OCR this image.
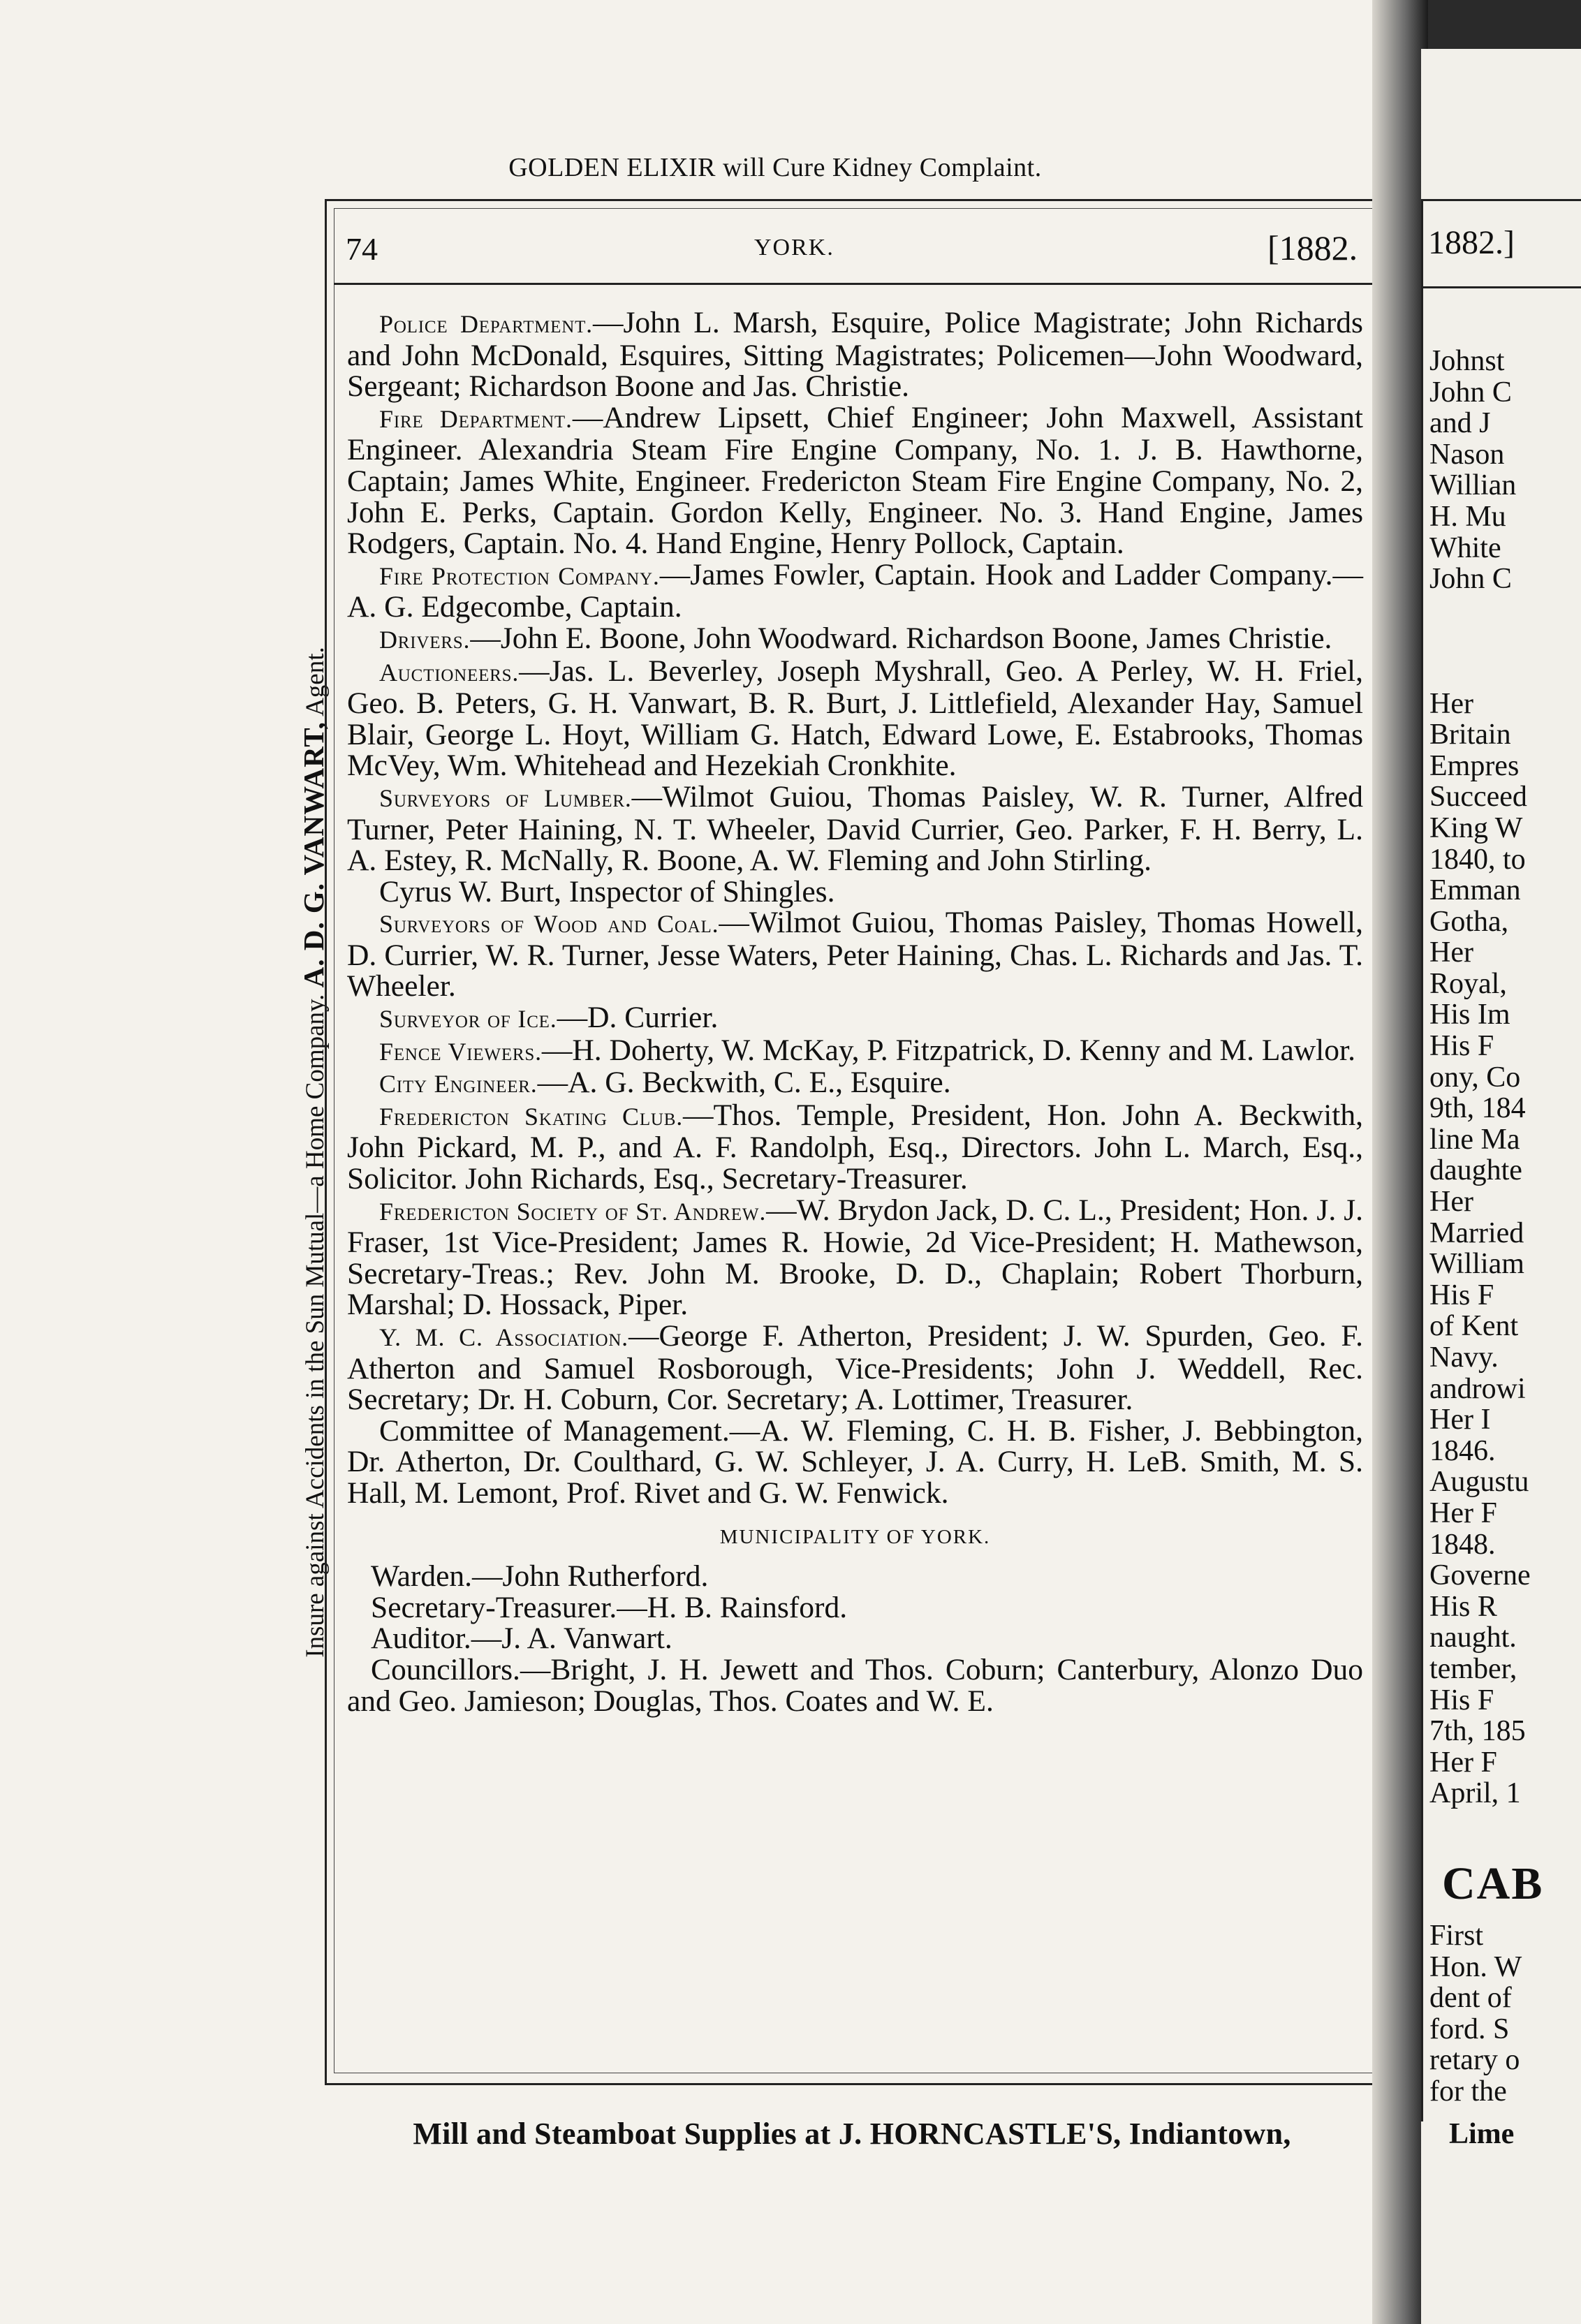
GOLDEN ELIXIR will Cure Kidney Complaint.
Insure against Accidents in the Sun Mutual—a Home Company. A. D. G. VANWART, Agent.
74	YORK.	[1882.

Police Department.—John L. Marsh, Esquire, Police Magistrate; John Richards and John McDonald, Esquires, Sitting Magistrates; Policemen—John Woodward, Sergeant; Richardson Boone and Jas. Christie.

Fire Department.—Andrew Lipsett, Chief Engineer; John Maxwell, Assistant Engineer. Alexandria Steam Fire Engine Company, No. 1. J. B. Hawthorne, Captain; James White, Engineer. Fredericton Steam Fire Engine Company, No. 2, John E. Perks, Captain. Gordon Kelly, Engineer. No. 3. Hand Engine, James Rodgers, Captain. No. 4. Hand Engine, Henry Pollock, Captain.

Fire Protection Company.—James Fowler, Captain. Hook and Ladder Company.—A. G. Edgecombe, Captain.

Drivers.—John E. Boone, John Woodward. Richardson Boone, James Christie.

Auctioneers.—Jas. L. Beverley, Joseph Myshrall, Geo. A Perley, W. H. Friel, Geo. B. Peters, G. H. Vanwart, B. R. Burt, J. Littlefield, Alexander Hay, Samuel Blair, George L. Hoyt, William G. Hatch, Edward Lowe, E. Estabrooks, Thomas McVey, Wm. Whitehead and Hezekiah Cronkhite.

Surveyors of Lumber.—Wilmot Guiou, Thomas Paisley, W. R. Turner, Alfred Turner, Peter Haining, N. T. Wheeler, David Currier, Geo. Parker, F. H. Berry, L. A. Estey, R. McNally, R. Boone, A. W. Fleming and John Stirling.

Cyrus W. Burt, Inspector of Shingles.

Surveyors of Wood and Coal.—Wilmot Guiou, Thomas Paisley, Thomas Howell, D. Currier, W. R. Turner, Jesse Waters, Peter Haining, Chas. L. Richards and Jas. T. Wheeler.

Surveyor of Ice.—D. Currier.

Fence Viewers.—H. Doherty, W. McKay, P. Fitzpatrick, D. Kenny and M. Lawlor.

City Engineer.—A. G. Beckwith, C. E., Esquire.

Fredericton Skating Club.—Thos. Temple, President, Hon. John A. Beckwith, John Pickard, M. P., and A. F. Randolph, Esq., Directors. John L. March, Esq., Solicitor. John Richards, Esq., Secretary-Treasurer.

Fredericton Society of St. Andrew.—W. Brydon Jack, D. C. L., President; Hon. J. J. Fraser, 1st Vice-President; James R. Howie, 2d Vice-President; H. Mathewson, Secretary-Treas.; Rev. John M. Brooke, D. D., Chaplain; Robert Thorburn, Marshal; D. Hossack, Piper.

Y. M. C. Association.—George F. Atherton, President; J. W. Spurden, Geo. F. Atherton and Samuel Rosborough, Vice-Presidents; John J. Weddell, Rec. Secretary; Dr. H. Coburn, Cor. Secretary; A. Lottimer, Treasurer.

Committee of Management.—A. W. Fleming, C. H. B. Fisher, J. Bebbington, Dr. Atherton, Dr. Coulthard, G. W. Schleyer, J. A. Curry, H. LeB. Smith, M. S. Hall, M. Lemont, Prof. Rivet and G. W. Fenwick.

MUNICIPALITY OF YORK.

Warden.—John Rutherford.

Secretary-Treasurer.—H. B. Rainsford.

Auditor.—J. A. Vanwart.

Councillors.—Bright, J. H. Jewett and Thos. Coburn; Canterbury, Alonzo Duo and Geo. Jamieson; Douglas, Thos. Coates and W. E.

Mill and Steamboat Supplies at J. HORNCASTLE'S, Indiantown,
1882.]
Johnst
John C
and J
Nason
Willian
H. Mu
White
John C
Her
Britain
Empres
Succeed
King W
1840, to
Emman
Gotha,
Her
Royal,
His Im
His F
ony, Co
9th, 184
line Ma
daughte
Her
Married
William
His F
of Kent
Navy.
androwi
Her I
1846.
Augustu
Her F
1848.
Governe
His R
naught.
tember,
His F
7th, 185
Her F
April, 1
CAB
First
Hon. W
dent of
ford. S
retary o
for the
Lime
